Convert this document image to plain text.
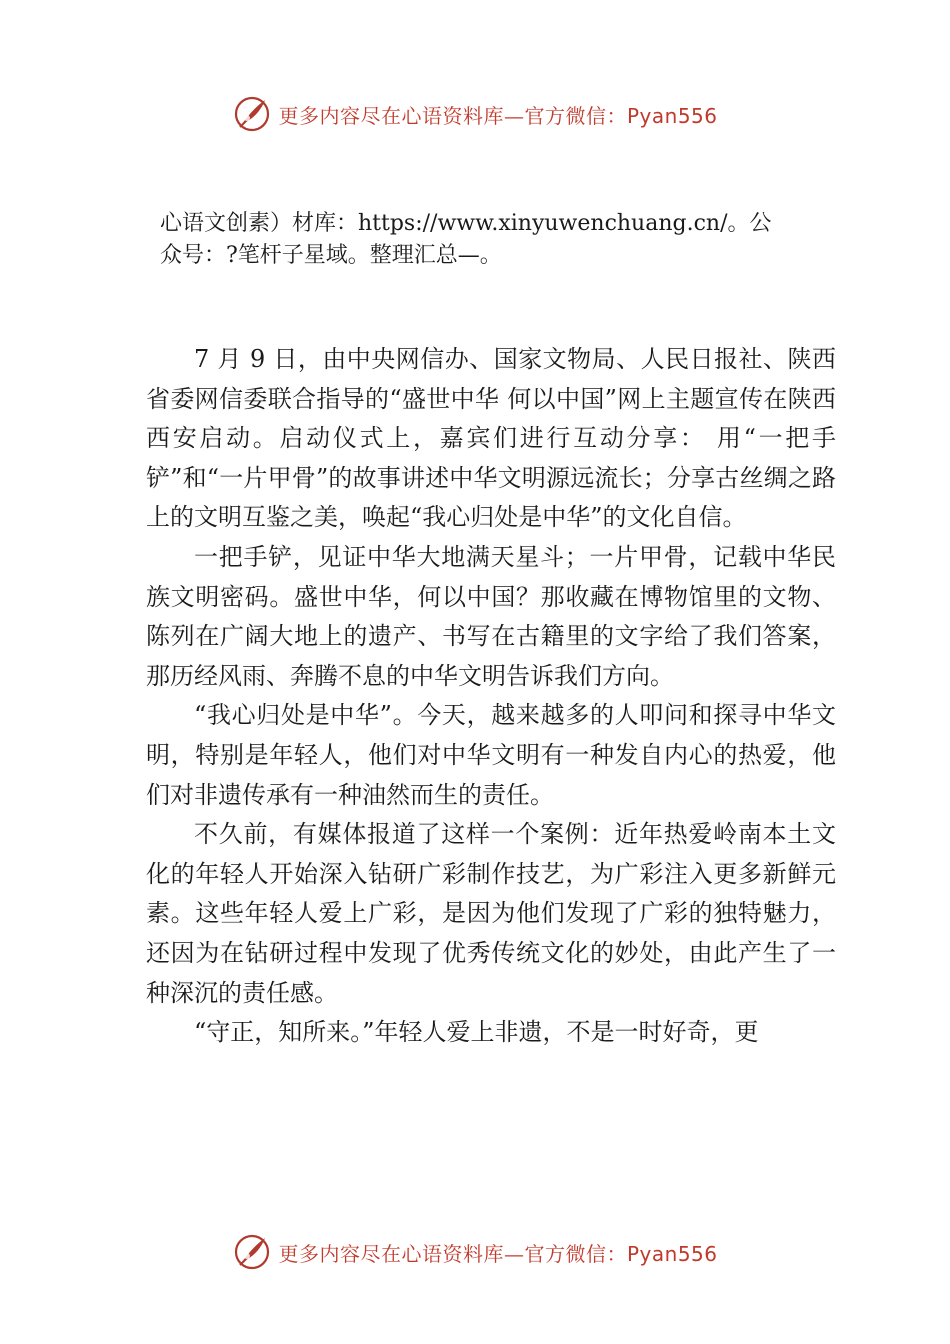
更多内容尽在心语资料库—官方微信：Pyan556

心语文创素）材库：https://www.xinyuwenchuang.cn/。公

众号：?笔杆子星域。整理汇总—。

7 月 9 日，由中央网信办、国家文物局、人民日报社、陕西省委网信委联合指导的“盛世中华 何以中国”网上主题宣传在陕西西安启动。启动仪式上，嘉宾们进行互动分享： 用“一把手铲”和“一片甲骨”的故事讲述中华文明源远流长；分享古丝绸之路上的文明互鉴之美，唤起“我心归处是中华”的文化自信。

一把手铲，见证中华大地满天星斗；一片甲骨，记载中华民族文明密码。盛世中华，何以中国？那收藏在博物馆里的文物、陈列在广阔大地上的遗产、书写在古籍里的文字给了我们答案，那历经风雨、奔腾不息的中华文明告诉我们方向。

“我心归处是中华”。今天，越来越多的人叩问和探寻中华文明，特别是年轻人，他们对中华文明有一种发自内心的热爱，他们对非遗传承有一种油然而生的责任。

不久前，有媒体报道了这样一个案例：近年热爱岭南本土文化的年轻人开始深入钻研广彩制作技艺，为广彩注入更多新鲜元素。这些年轻人爱上广彩，是因为他们发现了广彩的独特魅力，还因为在钻研过程中发现了优秀传统文化的妙处，由此产生了一种深沉的责任感。

“守正，知所来。”年轻人爱上非遗，不是一时好奇，更

更多内容尽在心语资料库—官方微信：Pyan556
